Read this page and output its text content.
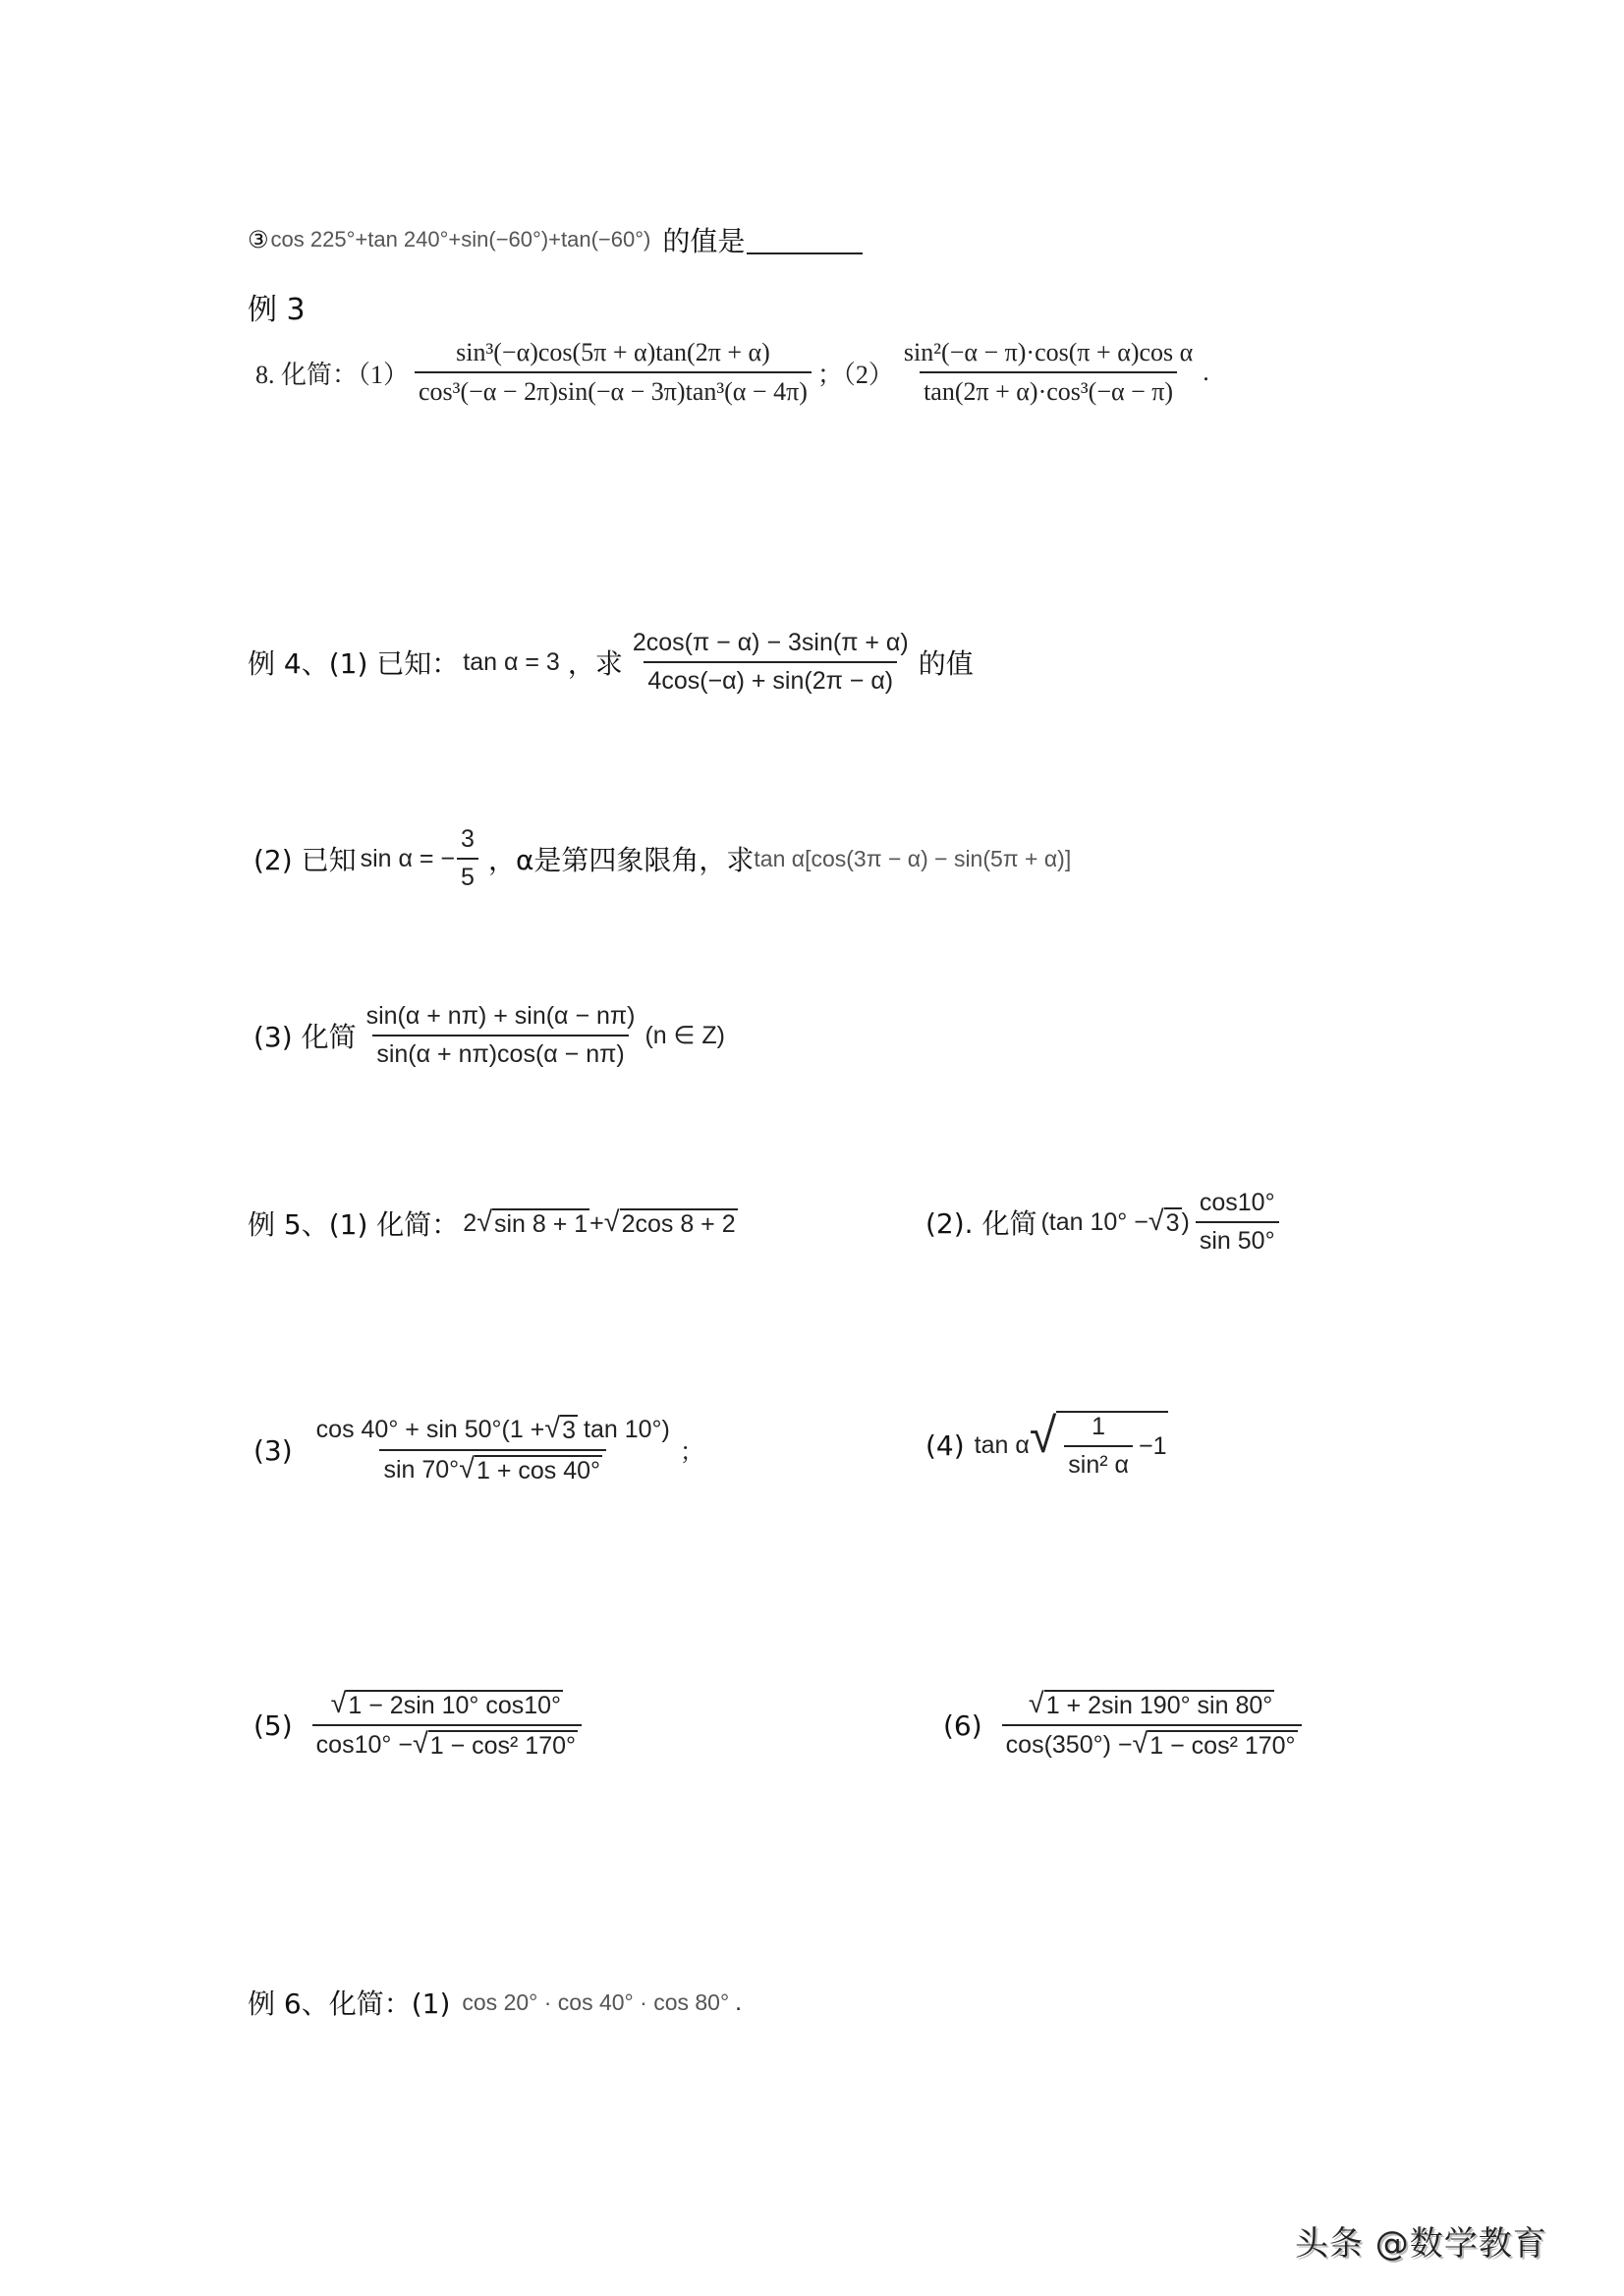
③ cos 225°+tan 240°+sin(−60°)+tan(−60°) 的值是
例 3
8. 化简：$(1) \frac{\text{sin³(−α)cos(5π + α)tan(2π + α)}}{\text{cos³(−α − 2π)sin(−α − 3π)tan³(α − 4π)}}$ ；$(2) \frac{\text{sin²(−α − π)·cos(π + α)cos α}}{\text{tan(2π + α)·cos³(−α − π)}}$ .
例 4、(1) 已知： tan α = 3 ，求 $\frac{2\cos(\pi - \alpha) - 3\sin(\pi + \alpha)}{4\cos(-\alpha) + \sin(2\pi - \alpha)}$ 的值
(2) 已知 sin α = − $\frac{3}{5}$ ，α是第四象限角，求 tan α[cos(3π − α) − sin(5π + α)]
(3) 化简 $\frac{\sin(\alpha + n\pi) + \sin(\alpha - n\pi)}{\sin(\alpha + n\pi)\cos(\alpha - n\pi)} (n$ ∈ Z)
例 5、(1) 化简： 2 √ sin 8 + 1 + √ 2cos 8 + 2	(2). 化简 (tan 10° − √ 3 ) $\frac{\cos 10^\circ}{\sin 50^\circ}$
(3)
cos 40° + sin 50°(1 + √ 3 tan 10°)
sin 70° √ 1 + cos 40°
；	(4) tan α √ $\frac{1}{\text{sin² α}} -1$
$(5) \frac{√ 1 - 2\sin 10^\circ \cos 10^\circ}{\text{cos10° − √ 1 − cos² 170°}}$	$(6) \frac{√ 1 + 2\sin 190^\circ \sin 80^\circ}{\text{cos(350°) − √ 1 − cos² 170°}}$
例 6、化简：(1) cos 20° · cos 40° · cos 80° .
头条 @数学教育
